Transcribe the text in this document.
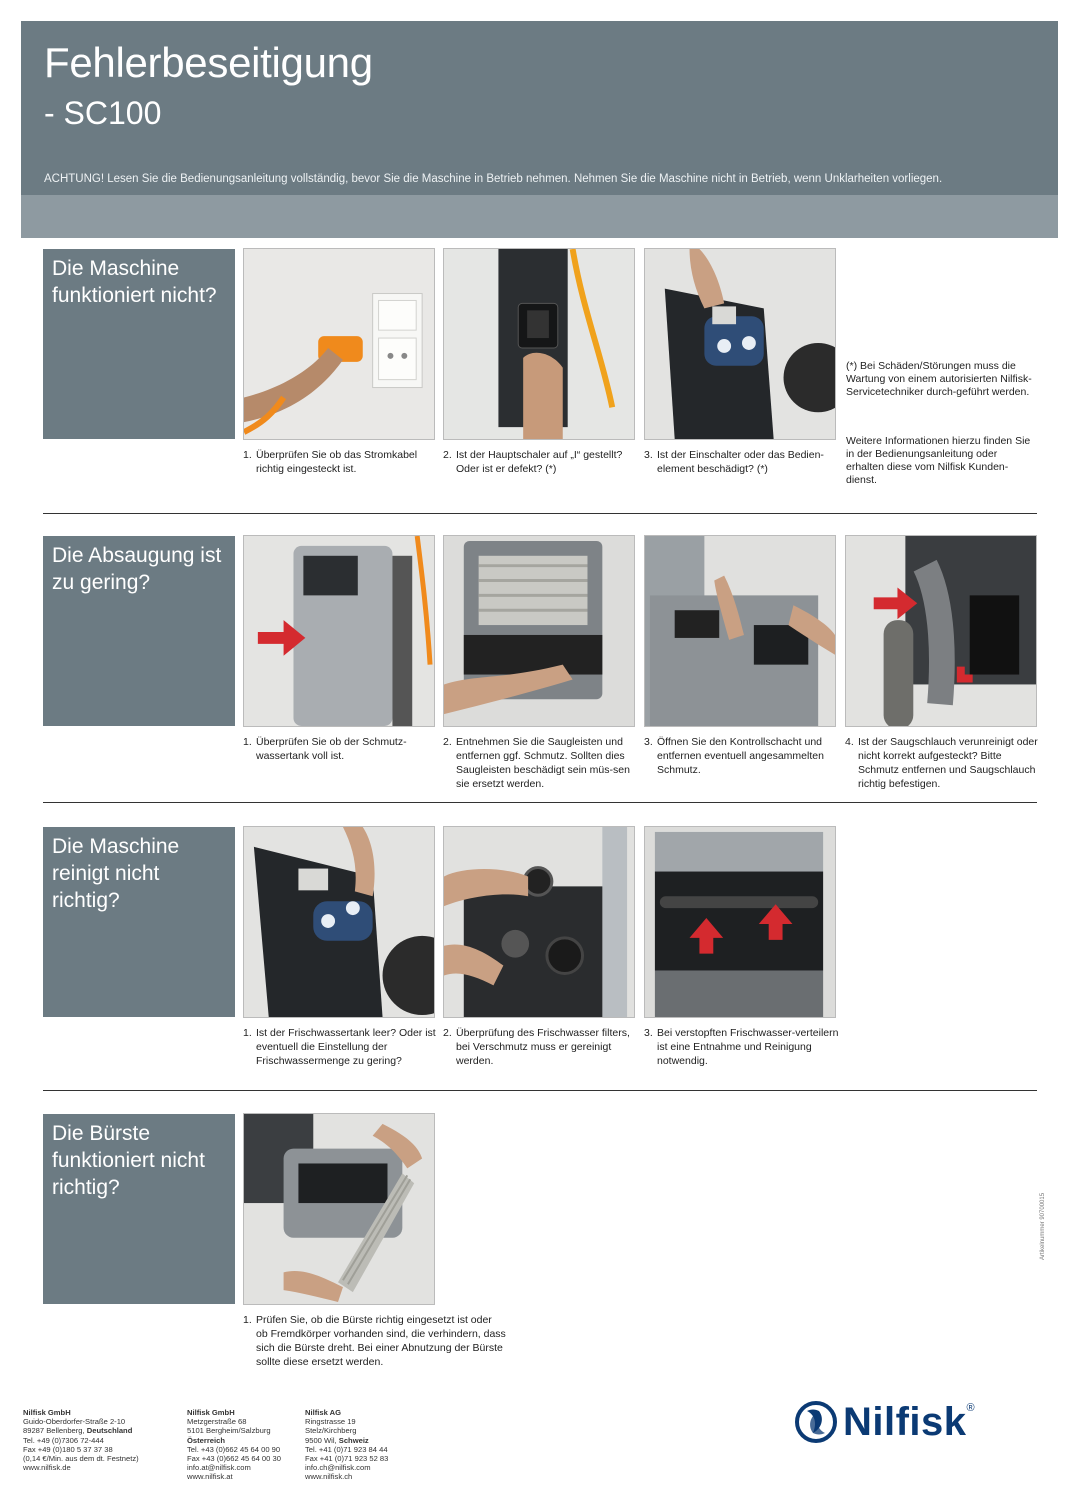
Fehlerbeseitigung
- SC100
ACHTUNG! Lesen Sie die Bedienungsanleitung vollständig, bevor Sie die Maschine in Betrieb nehmen. Nehmen Sie die Maschine nicht in Betrieb, wenn Unklarheiten vorliegen.
Die Maschine funktioniert nicht?
1. Überprüfen Sie ob das Stromkabel richtig eingesteckt ist.
2. Ist der Hauptschaler auf „I“ gestellt? Oder ist er defekt? (*)
3. Ist der Einschalter oder das Bedien-element beschädigt? (*)
(*) Bei Schäden/Störungen muss die Wartung von einem autorisierten Nilfisk-Servicetechniker durch-geführt werden.
Weitere Informationen hierzu finden Sie in der Bedienungsanleitung oder erhalten diese vom Nilfisk Kunden-dienst.
Die Absaugung ist zu gering?
1. Überprüfen Sie ob der Schmutz-wassertank voll ist.
2. Entnehmen Sie die Saugleisten und entfernen ggf. Schmutz. Sollten dies Saugleisten beschädigt sein müs-sen sie ersetzt werden.
3. Öffnen Sie den Kontrollschacht und entfernen eventuell angesammelten Schmutz.
4. Ist der Saugschlauch verunreinigt oder nicht korrekt aufgesteckt? Bitte Schmutz entfernen und Saugschlauch richtig befestigen.
Die Maschine reinigt nicht richtig?
1. Ist der Frischwassertank leer? Oder ist eventuell die Einstellung der Frischwassermenge zu gering?
2. Überprüfung des Frischwasser filters, bei Verschmutz muss er gereinigt werden.
3. Bei verstopften Frischwasser-verteilern ist eine Entnahme und Reinigung notwendig.
Die Bürste funktioniert nicht richtig?
1. Prüfen Sie, ob die Bürste richtig eingesetzt ist oder ob Fremdkörper vorhanden sind, die verhindern, dass sich die Bürste dreht. Bei einer Abnutzung der Bürste sollte diese ersetzt werden.
Artikelnummer 90700015
Nilfisk GmbH
Guido-Oberdorfer-Straße 2-10
89287 Bellenberg, Deutschland
Tel. +49 (0)7306 72-444
Fax +49 (0)180 5 37 37 38
(0,14 €/Min. aus dem dt. Festnetz)
www.nilfisk.de
Nilfisk GmbH
Metzgerstraße 68
5101 Bergheim/Salzburg
Österreich
Tel. +43 (0)662 45 64 00 90
Fax +43 (0)662 45 64 00 30
info.at@nilfisk.com
www.nilfisk.at
Nilfisk AG
Ringstrasse 19
Stelz/Kirchberg
9500 Wil, Schweiz
Tel. +41 (0)71 923 84 44
Fax +41 (0)71 923 52 83
info.ch@nilfisk.com
www.nilfisk.ch
Nilfisk ®
